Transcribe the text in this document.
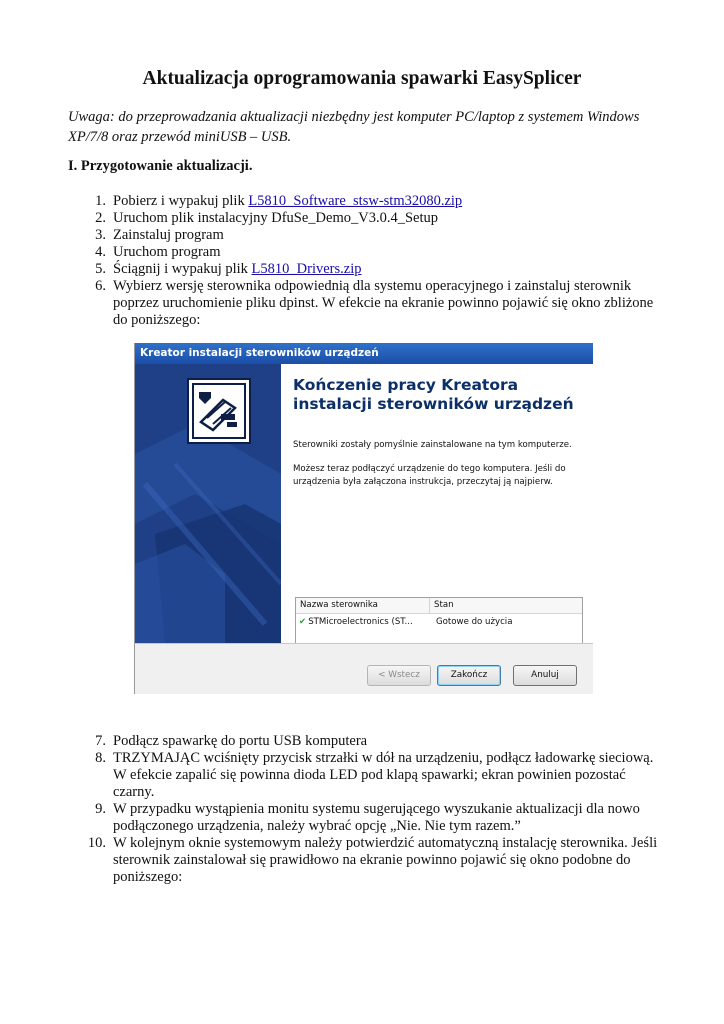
Aktualizacja oprogramowania spawarki EasySplicer

Uwaga: do przeprowadzania aktualizacji niezbędny jest komputer PC/laptop z systemem Windows XP/7/8 oraz przewód miniUSB – USB.

I. Przygotowanie aktualizacji.

1. Pobierz i wypakuj plik L5810_Software_stsw-stm32080.zip
2. Uruchom plik instalacyjny DfuSe_Demo_V3.0.4_Setup
3. Zainstaluj program
4. Uruchom program
5. Ściągnij i wypakuj plik L5810_Drivers.zip
6. Wybierz wersję sterownika odpowiednią dla systemu operacyjnego i zainstaluj sterownik poprzez uruchomienie pliku dpinst. W efekcie na ekranie powinno pojawić się okno zbliżone do poniższego:
Kreator instalacji sterowników urządzeń

Kończenie pracy Kreatora instalacji sterowników urządzeń

Sterowniki zostały pomyślnie zainstalowane na tym komputerze.

Możesz teraz podłączyć urządzenie do tego komputera. Jeśli do urządzenia była załączona instrukcja, przeczytaj ją najpierw.

Nazwa sterownika	Stan
✔ STMicroelectronics (ST...	Gotowe do użycia
< Wstecz	Zakończ	Anuluj
7. Podłącz spawarkę do portu USB komputera
8. TRZYMAJĄC wciśnięty przycisk strzałki w dół na urządzeniu, podłącz ładowarkę sieciową. W efekcie zapalić się powinna dioda LED pod klapą spawarki; ekran powinien pozostać czarny.
9. W przypadku wystąpienia monitu systemu sugerującego wyszukanie aktualizacji dla nowo podłączonego urządzenia, należy wybrać opcję „Nie. Nie tym razem.”
10. W kolejnym oknie systemowym należy potwierdzić automatyczną instalację sterownika. Jeśli sterownik zainstalował się prawidłowo na ekranie powinno pojawić się okno podobne do poniższego:
